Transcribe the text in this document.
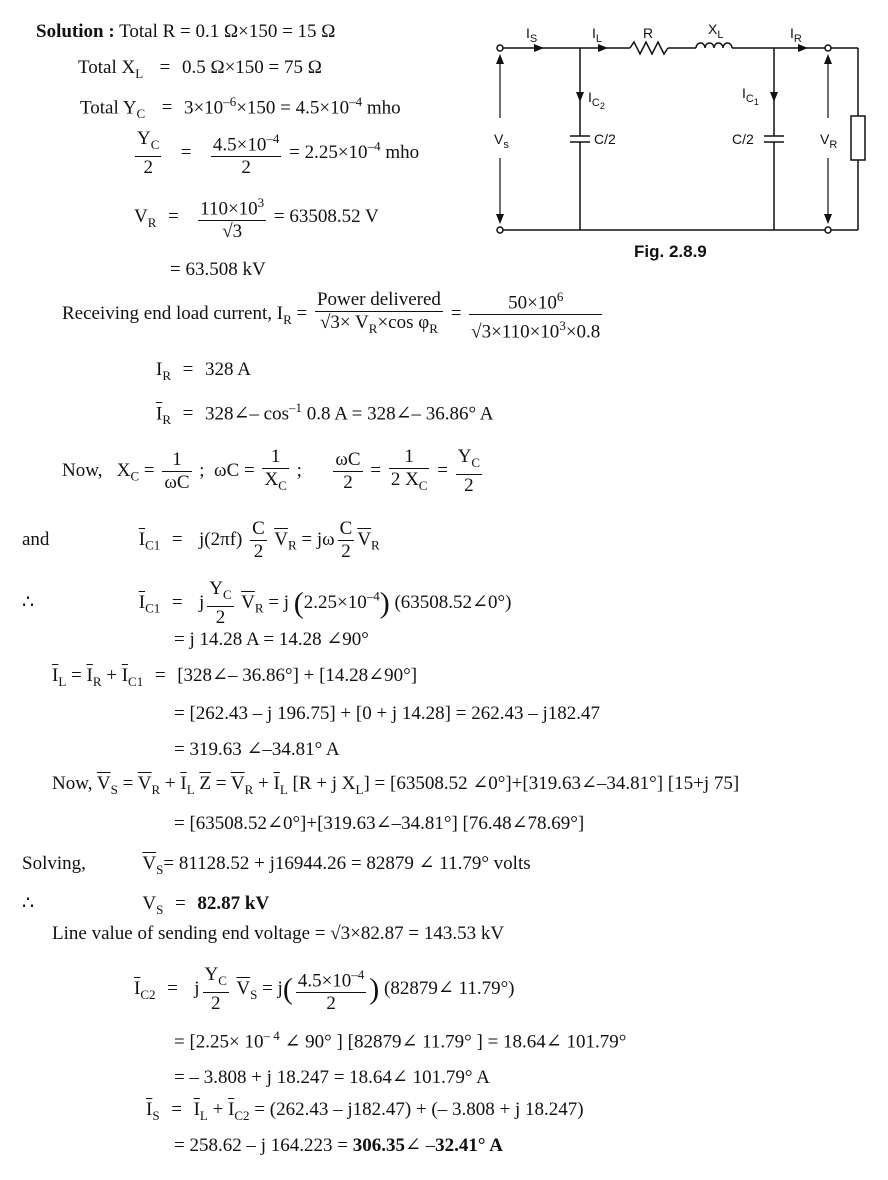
$I_S$	$I_L$	R	$X_L$	$I_R$
$I_{C2}$
$I_{C1}$
$V_s$	C/2	C/2	$V_R$
Fig. 2.8.9
Solution : Total R = 0.1 Ω×150 = 15 Ω
Total $X_L = 0.5$ Ω×150 = 75 Ω
Total $Y_C = 3\times 10^{-6}\times 150 = 4.5\times 10^{-4}$ mho
$\frac{Y_C}{2} = \frac{4.5\times 10^{-4}}{2} = 2.25\times 10^{-4}$ mho
$V_R = \frac{110\times 10^3}{√3} = 63508.52$ V
= 63.508 kV
Receiving end load current, $I_R = \frac{\text{Power delivered}}{√3\times V_R\times\cos \varphi_R} = \frac{50\times 10^6}{√3\times 110\times 10^3\times 0.8}$
$I_R = 328$ A
$\overline{I}_R$ = 328∠– $\cos^{-1} 0.8$ A = 328∠– 36.86° A
Now,   $X_C = \frac{1}{\omega C}$ ;  $\omega C = \frac{1}{X_C}$ ; $\frac{\omega C}{2} = \frac{1}{2 X_C} = \frac{Y_C}{2}$
and	$\overline{I}_{C1} = j(2\pi f) \frac{C}{2} \overline{V}_R = j\omega \frac{C}{2} \overline{V}_R$
∴	$\overline{I}_{C1} = j \frac{Y_C}{2} \overline{V}_R = j$ $(2.25\times 10^{-4})$ (63508.52∠0°)
= j 14.28 A = 14.28 ∠90°
$\overline{I}_L = \overline{I}_R + \overline{I}_{C1}$ = [328∠– 36.86°] + [14.28∠90°]
= [262.43 – j 196.75] + [0 + j 14.28] = 262.43 – j182.47
= 319.63 ∠–34.81° A
Now, $\overline{V}_S = \overline{V}_R + \overline{I}_L$ $\overline{Z} = \overline{V}_R + \overline{I}_L$ [R + j $X_L] = [63508.52$ ∠0°]+[319.63∠–34.81°] [15+j 75]
= [63508.52∠0°]+[319.63∠–34.81°] [76.48∠78.69°]
Solving,	$\overline{V}_S= 81128.52 + j16944.26 = 82879$ ∠ 11.79° volts
∴	$V_S = 82.87$ kV
Line value of sending end voltage = √3×82.87 = 143.53 kV
$\overline{I}_{C2} = j \frac{Y_C}{2} \overline{V}_S = j( \frac{4.5\times 10^{-4}}{2}$ ) (82879∠ 11.79°)
= [$2.25\times 10^{- 4}$ ∠ 90° ] [82879∠ 11.79° ] = 18.64∠ 101.79°
= – 3.808 + j 18.247 = 18.64∠ 101.79° A
$\overline{I}_S = \overline{I}_L + \overline{I}_{C2} = (262.43 - j182.47)$ + (– 3.808 + j 18.247)
= 258.62 – j 164.223 = 306.35∠ –32.41° A
